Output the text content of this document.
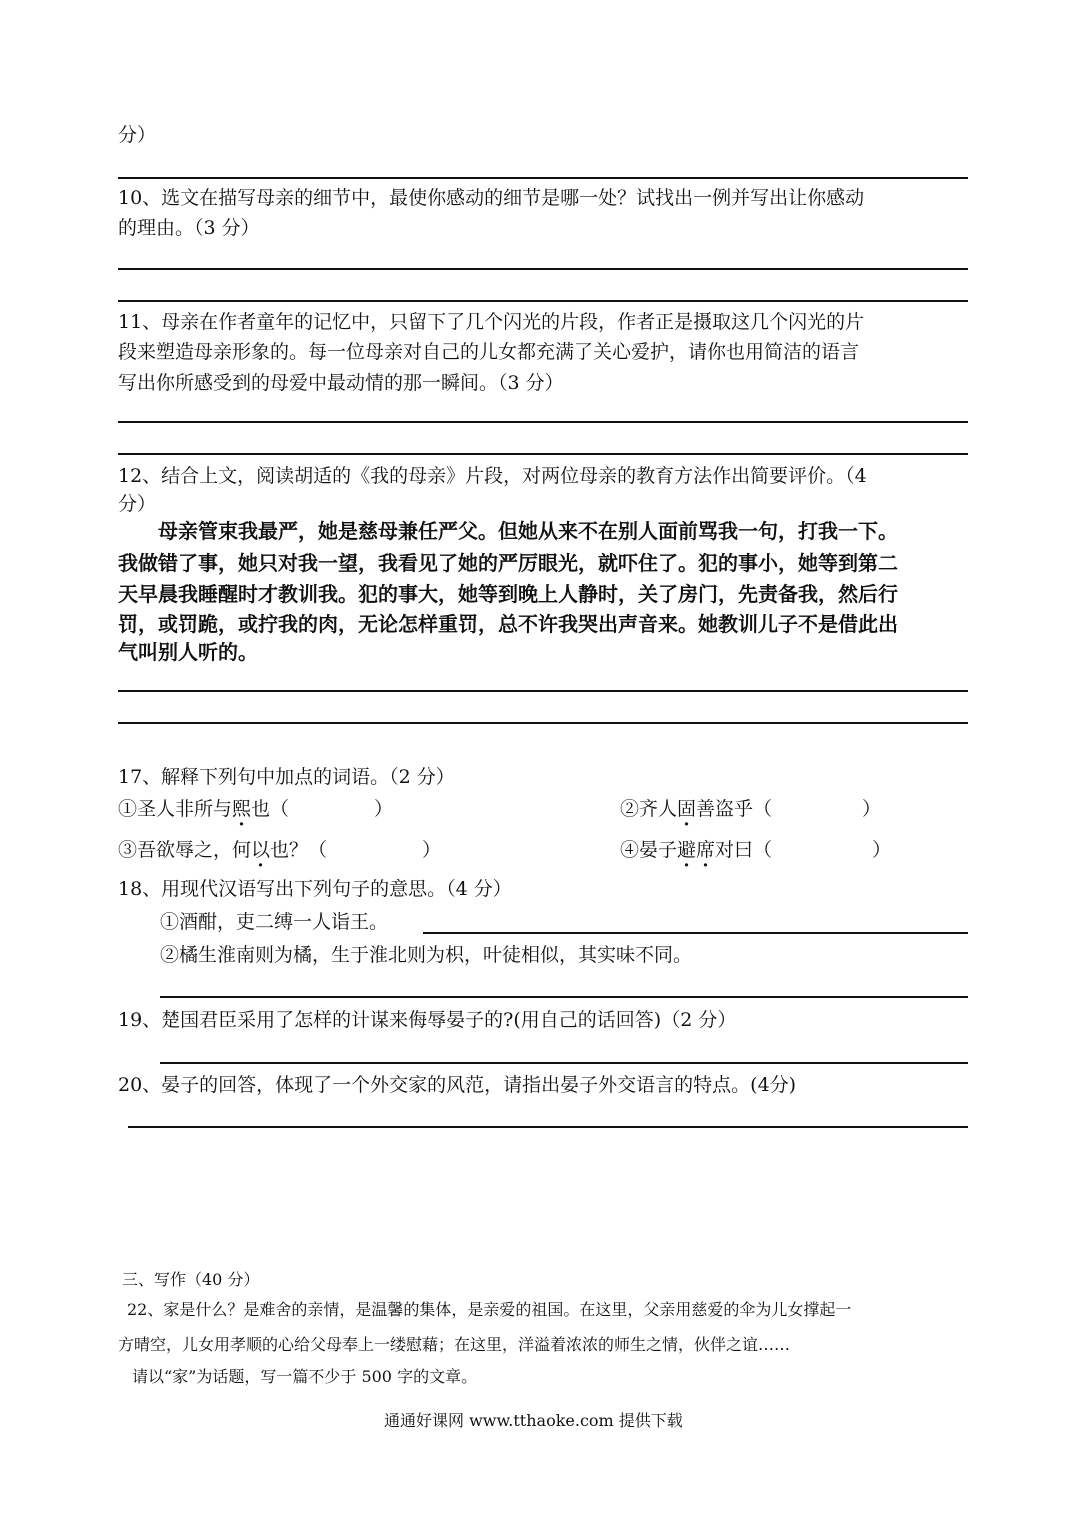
分）
10、选文在描写母亲的细节中，最使你感动的细节是哪一处？试找出一例并写出让你感动
的理由。（3 分）
11、母亲在作者童年的记忆中，只留下了几个闪光的片段，作者正是摄取这几个闪光的片
段来塑造母亲形象的。每一位母亲对自己的儿女都充满了关心爱护，请你也用简洁的语言
写出你所感受到的母爱中最动情的那一瞬间。（3 分）
12、结合上文，阅读胡适的《我的母亲》片段，对两位母亲的教育方法作出简要评价。（4
分）
母亲管束我最严，她是慈母兼任严父。但她从来不在别人面前骂我一句，打我一下。
我做错了事，她只对我一望，我看见了她的严厉眼光，就吓住了。犯的事小，她等到第二
天早晨我睡醒时才教训我。犯的事大，她等到晚上人静时，关了房门，先责备我，然后行
罚，或罚跪，或拧我的肉，无论怎样重罚，总不许我哭出声音来。她教训儿子不是借此出
气叫别人听的。
17、解释下列句中加点的词语。（2 分）
①圣人非所与熙也（	）	②齐人固善盗乎（	）
③吾欲辱之，何以也？（	）	④晏子避席对曰（	）
18、用现代汉语写出下列句子的意思。（4 分）
①酒酣，吏二缚一人诣王。
②橘生淮南则为橘，生于淮北则为枳，叶徒相似，其实味不同。
19、楚国君臣采用了怎样的计谋来侮辱晏子的?(用自己的话回答)（2 分）
20、晏子的回答，体现了一个外交家的风范，请指出晏子外交语言的特点。(4分)
三、写作（40 分）
22、家是什么？是难舍的亲情，是温馨的集体，是亲爱的祖国。在这里，父亲用慈爱的伞为儿女撑起一
方晴空，儿女用孝顺的心给父母奉上一缕慰藉；在这里，洋溢着浓浓的师生之情，伙伴之谊……
请以“家”为话题，写一篇不少于 500 字的文章。
通通好课网 www.tthaoke.com 提供下载
